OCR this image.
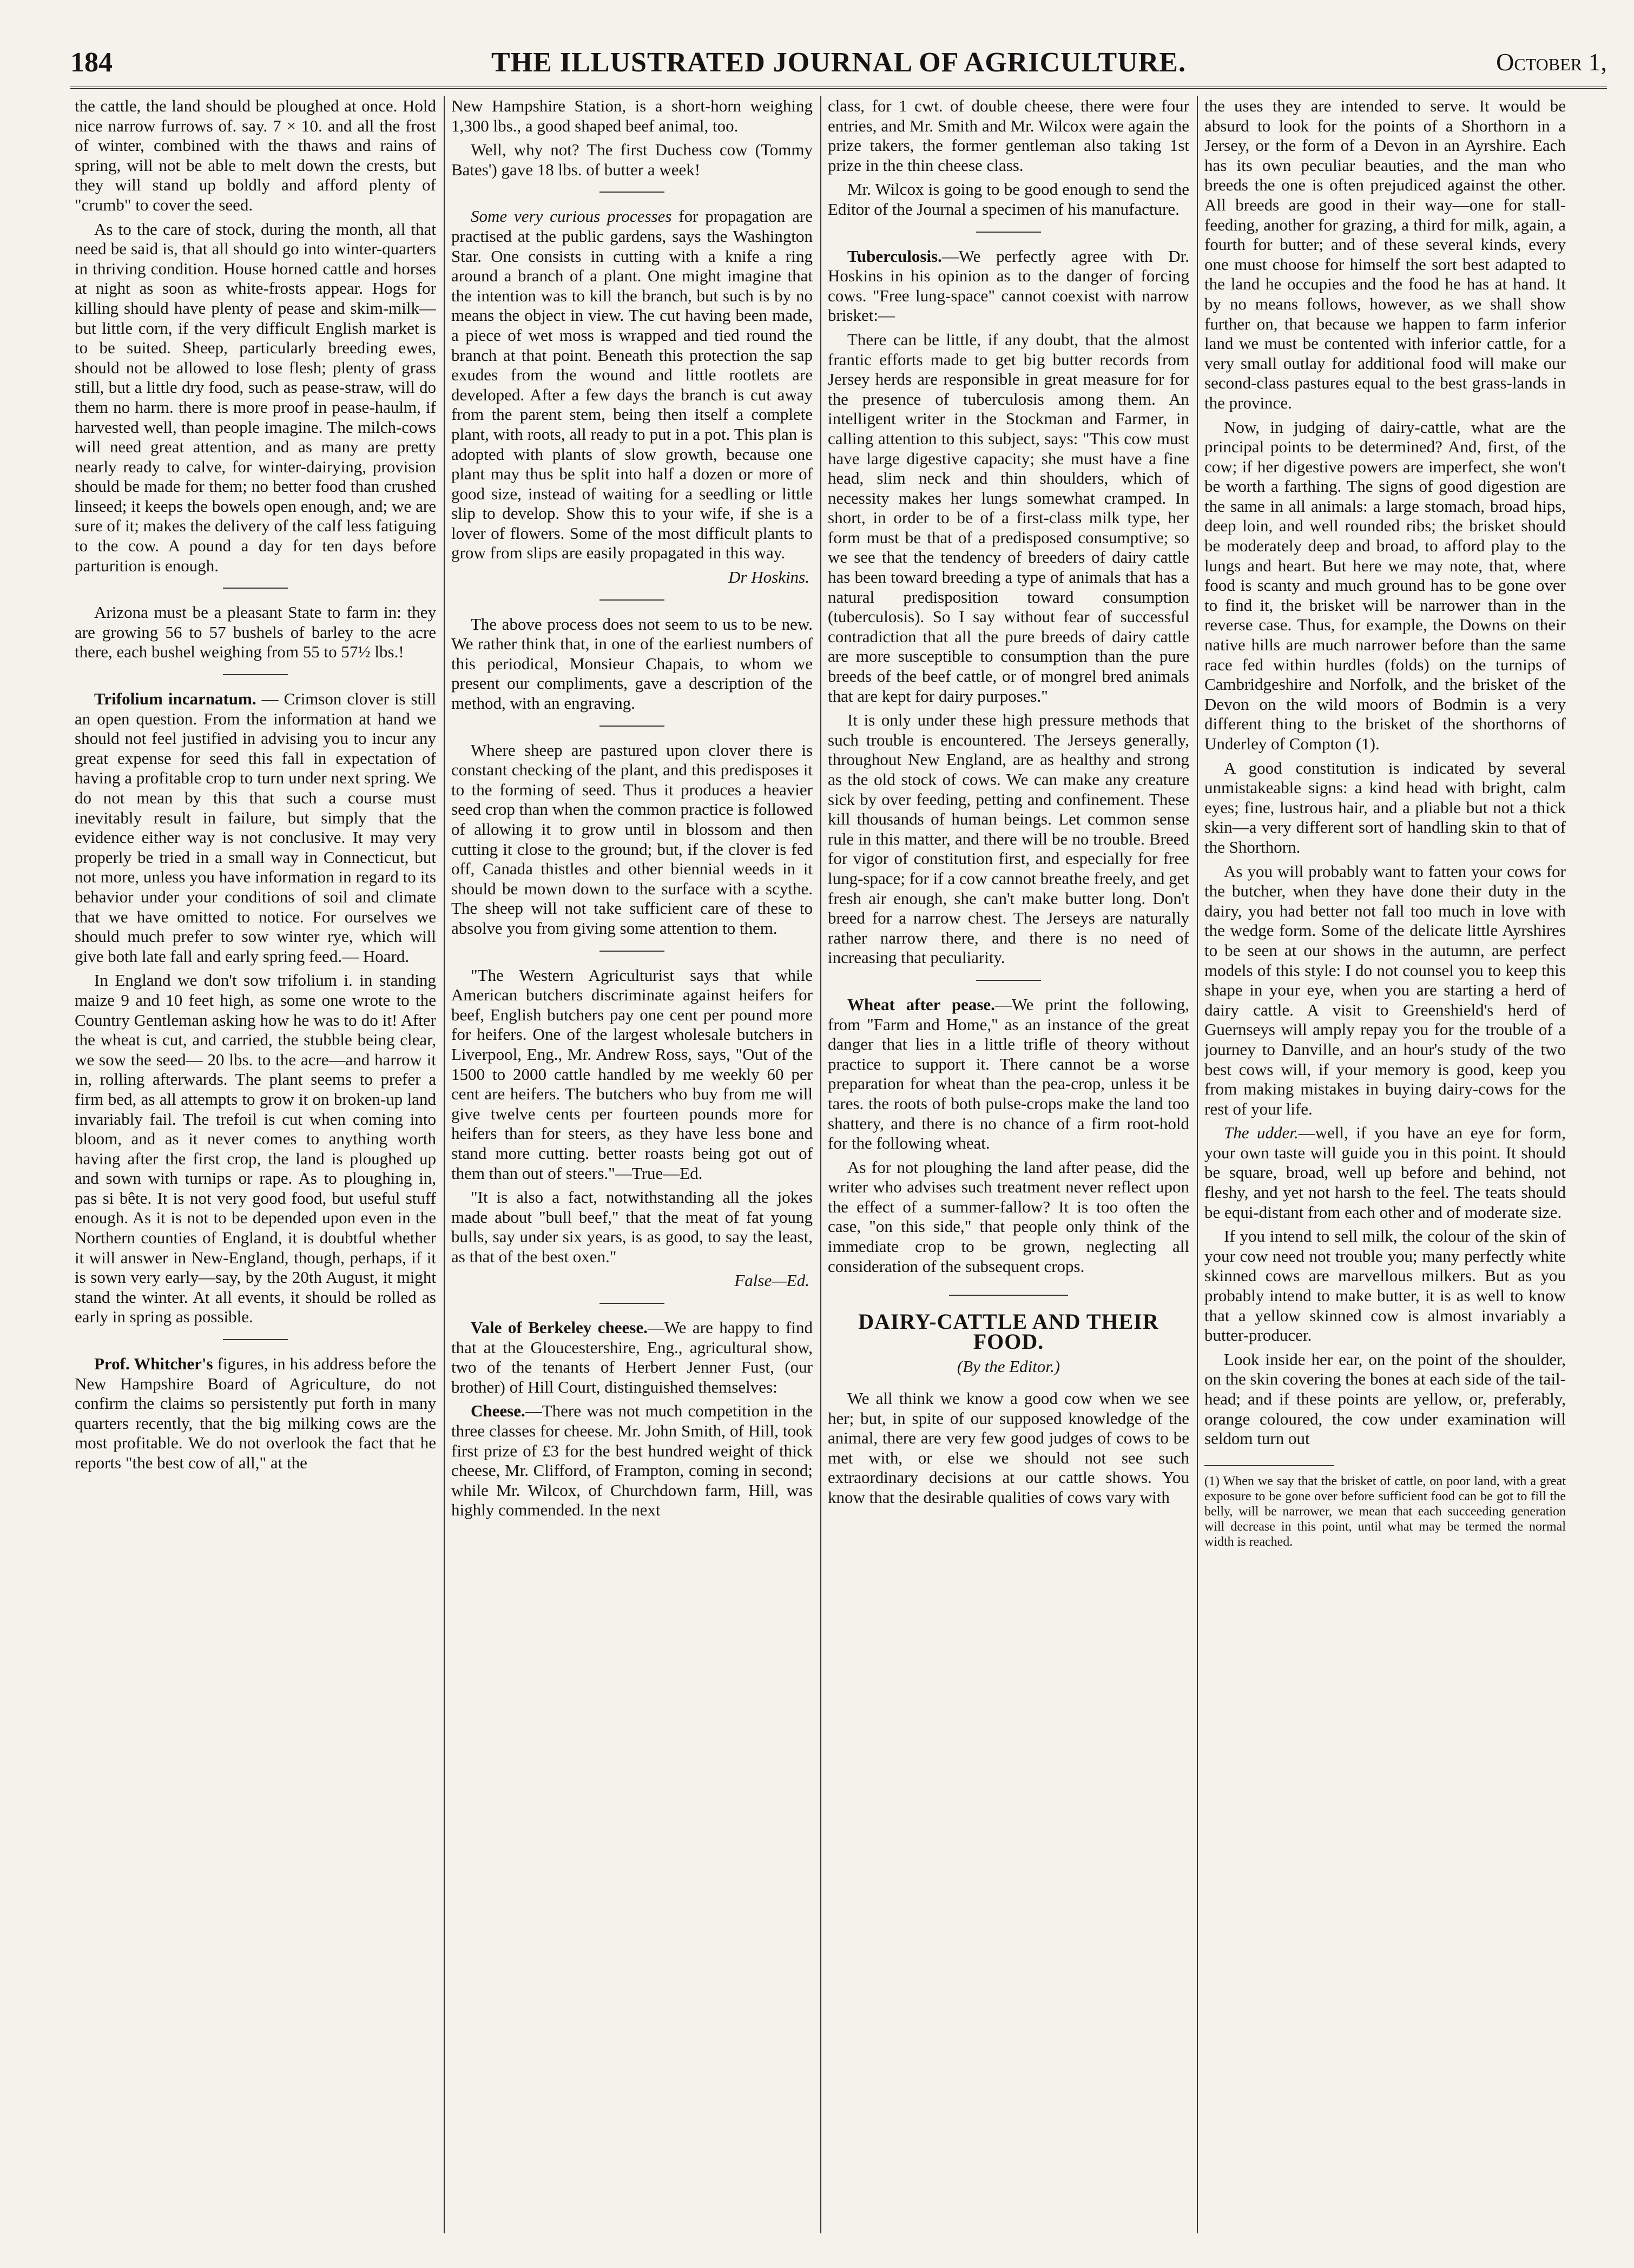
184	THE ILLUSTRATED JOURNAL OF AGRICULTURE.	October 1,

the cattle, the land should be ploughed at once. Hold nice narrow furrows of. say. 7 × 10. and all the frost of winter, combined with the thaws and rains of spring, will not be able to melt down the crests, but they will stand up boldly and afford plenty of "crumb" to cover the seed.

As to the care of stock, during the month, all that need be said is, that all should go into winter-quarters in thriving condition. House horned cattle and horses at night as soon as white-frosts appear. Hogs for killing should have plenty of pease and skim-milk—but little corn, if the very difficult English market is to be suited. Sheep, particularly breeding ewes, should not be allowed to lose flesh; plenty of grass still, but a little dry food, such as pease-straw, will do them no harm. there is more proof in pease-haulm, if harvested well, than people imagine. The milch-cows will need great attention, and as many are pretty nearly ready to calve, for winter-dairying, provision should be made for them; no better food than crushed linseed; it keeps the bowels open enough, and; we are sure of it; makes the delivery of the calf less fatiguing to the cow. A pound a day for ten days before parturition is enough.

Arizona must be a pleasant State to farm in: they are growing 56 to 57 bushels of barley to the acre there, each bushel weighing from 55 to 57½ lbs.!

Trifolium incarnatum. — Crimson clover is still an open question. From the information at hand we should not feel justified in advising you to incur any great expense for seed this fall in expectation of having a profitable crop to turn under next spring. We do not mean by this that such a course must inevitably result in failure, but simply that the evidence either way is not conclusive. It may very properly be tried in a small way in Connecticut, but not more, unless you have information in regard to its behavior under your conditions of soil and climate that we have omitted to notice. For ourselves we should much prefer to sow winter rye, which will give both late fall and early spring feed.— Hoard.

In England we don't sow trifolium i. in standing maize 9 and 10 feet high, as some one wrote to the Country Gentleman asking how he was to do it! After the wheat is cut, and carried, the stubble being clear, we sow the seed— 20 lbs. to the acre—and harrow it in, rolling afterwards. The plant seems to prefer a firm bed, as all attempts to grow it on broken-up land invariably fail. The trefoil is cut when coming into bloom, and as it never comes to anything worth having after the first crop, the land is ploughed up and sown with turnips or rape. As to ploughing in, pas si bête. It is not very good food, but useful stuff enough. As it is not to be depended upon even in the Northern counties of England, it is doubtful whether it will answer in New-England, though, perhaps, if it is sown very early—say, by the 20th August, it might stand the winter. At all events, it should be rolled as early in spring as possible.

Prof. Whitcher's figures, in his address before the New Hampshire Board of Agriculture, do not confirm the claims so persistently put forth in many quarters recently, that the big milking cows are the most profitable. We do not overlook the fact that he reports "the best cow of all," at the

New Hampshire Station, is a short-horn weighing 1,300 lbs., a good shaped beef animal, too.

Well, why not? The first Duchess cow (Tommy Bates') gave 18 lbs. of butter a week!

Some very curious processes for propagation are practised at the public gardens, says the Washington Star. One consists in cutting with a knife a ring around a branch of a plant. One might imagine that the intention was to kill the branch, but such is by no means the object in view. The cut having been made, a piece of wet moss is wrapped and tied round the branch at that point. Beneath this protection the sap exudes from the wound and little rootlets are developed. After a few days the branch is cut away from the parent stem, being then itself a complete plant, with roots, all ready to put in a pot. This plan is adopted with plants of slow growth, because one plant may thus be split into half a dozen or more of good size, instead of waiting for a seedling or little slip to develop. Show this to your wife, if she is a lover of flowers. Some of the most difficult plants to grow from slips are easily propagated in this way.

Dr Hoskins.

The above process does not seem to us to be new. We rather think that, in one of the earliest numbers of this periodical, Monsieur Chapais, to whom we present our compliments, gave a description of the method, with an engraving.

Where sheep are pastured upon clover there is constant checking of the plant, and this predisposes it to the forming of seed. Thus it produces a heavier seed crop than when the common practice is followed of allowing it to grow until in blossom and then cutting it close to the ground; but, if the clover is fed off, Canada thistles and other biennial weeds in it should be mown down to the surface with a scythe. The sheep will not take sufficient care of these to absolve you from giving some attention to them.

"The Western Agriculturist says that while American butchers discriminate against heifers for beef, English butchers pay one cent per pound more for heifers. One of the largest wholesale butchers in Liverpool, Eng., Mr. Andrew Ross, says, "Out of the 1500 to 2000 cattle handled by me weekly 60 per cent are heifers. The butchers who buy from me will give twelve cents per fourteen pounds more for heifers than for steers, as they have less bone and stand more cutting. better roasts being got out of them than out of steers."—True—Ed.

"It is also a fact, notwithstanding all the jokes made about "bull beef," that the meat of fat young bulls, say under six years, is as good, to say the least, as that of the best oxen."

False—Ed.

Vale of Berkeley cheese.—We are happy to find that at the Gloucestershire, Eng., agricultural show, two of the tenants of Herbert Jenner Fust, (our brother) of Hill Court, distinguished themselves:

Cheese.—There was not much competition in the three classes for cheese. Mr. John Smith, of Hill, took first prize of £3 for the best hundred weight of thick cheese, Mr. Clifford, of Frampton, coming in second; while Mr. Wilcox, of Churchdown farm, Hill, was highly commended. In the next

class, for 1 cwt. of double cheese, there were four entries, and Mr. Smith and Mr. Wilcox were again the prize takers, the former gentleman also taking 1st prize in the thin cheese class.

Mr. Wilcox is going to be good enough to send the Editor of the Journal a specimen of his manufacture.

Tuberculosis.—We perfectly agree with Dr. Hoskins in his opinion as to the danger of forcing cows. "Free lung-space" cannot coexist with narrow brisket:—

There can be little, if any doubt, that the almost frantic efforts made to get big butter records from Jersey herds are responsible in great measure for for the presence of tuberculosis among them. An intelligent writer in the Stockman and Farmer, in calling attention to this subject, says: "This cow must have large digestive capacity; she must have a fine head, slim neck and thin shoulders, which of necessity makes her lungs somewhat cramped. In short, in order to be of a first-class milk type, her form must be that of a predisposed consumptive; so we see that the tendency of breeders of dairy cattle has been toward breeding a type of animals that has a natural predisposition toward consumption (tuberculosis). So I say without fear of successful contradiction that all the pure breeds of dairy cattle are more susceptible to consumption than the pure breeds of the beef cattle, or of mongrel bred animals that are kept for dairy purposes."

It is only under these high pressure methods that such trouble is encountered. The Jerseys generally, throughout New England, are as healthy and strong as the old stock of cows. We can make any creature sick by over feeding, petting and confinement. These kill thousands of human beings. Let common sense rule in this matter, and there will be no trouble. Breed for vigor of constitution first, and especially for free lung-space; for if a cow cannot breathe freely, and get fresh air enough, she can't make butter long. Don't breed for a narrow chest. The Jerseys are naturally rather narrow there, and there is no need of increasing that peculiarity.

Wheat after pease.—We print the following, from "Farm and Home," as an instance of the great danger that lies in a little trifle of theory without practice to support it. There cannot be a worse preparation for wheat than the pea-crop, unless it be tares. the roots of both pulse-crops make the land too shattery, and there is no chance of a firm root-hold for the following wheat.

As for not ploughing the land after pease, did the writer who advises such treatment never reflect upon the effect of a summer-fallow? It is too often the case, "on this side," that people only think of the immediate crop to be grown, neglecting all consideration of the subsequent crops.

DAIRY-CATTLE AND THEIR FOOD.
(By the Editor.)

We all think we know a good cow when we see her; but, in spite of our supposed knowledge of the animal, there are very few good judges of cows to be met with, or else we should not see such extraordinary decisions at our cattle shows. You know that the desirable qualities of cows vary with

the uses they are intended to serve. It would be absurd to look for the points of a Shorthorn in a Jersey, or the form of a Devon in an Ayrshire. Each has its own peculiar beauties, and the man who breeds the one is often prejudiced against the other. All breeds are good in their way—one for stall-feeding, another for grazing, a third for milk, again, a fourth for butter; and of these several kinds, every one must choose for himself the sort best adapted to the land he occupies and the food he has at hand. It by no means follows, however, as we shall show further on, that because we happen to farm inferior land we must be contented with inferior cattle, for a very small outlay for additional food will make our second-class pastures equal to the best grass-lands in the province.

Now, in judging of dairy-cattle, what are the principal points to be determined? And, first, of the cow; if her digestive powers are imperfect, she won't be worth a farthing. The signs of good digestion are the same in all animals: a large stomach, broad hips, deep loin, and well rounded ribs; the brisket should be moderately deep and broad, to afford play to the lungs and heart. But here we may note, that, where food is scanty and much ground has to be gone over to find it, the brisket will be narrower than in the reverse case. Thus, for example, the Downs on their native hills are much narrower before than the same race fed within hurdles (folds) on the turnips of Cambridgeshire and Norfolk, and the brisket of the Devon on the wild moors of Bodmin is a very different thing to the brisket of the shorthorns of Underley of Compton (1).

A good constitution is indicated by several unmistakeable signs: a kind head with bright, calm eyes; fine, lustrous hair, and a pliable but not a thick skin—a very different sort of handling skin to that of the Shorthorn.

As you will probably want to fatten your cows for the butcher, when they have done their duty in the dairy, you had better not fall too much in love with the wedge form. Some of the delicate little Ayrshires to be seen at our shows in the autumn, are perfect models of this style: I do not counsel you to keep this shape in your eye, when you are starting a herd of dairy cattle. A visit to Greenshield's herd of Guernseys will amply repay you for the trouble of a journey to Danville, and an hour's study of the two best cows will, if your memory is good, keep you from making mistakes in buying dairy-cows for the rest of your life.

The udder.—well, if you have an eye for form, your own taste will guide you in this point. It should be square, broad, well up before and behind, not fleshy, and yet not harsh to the feel. The teats should be equi-distant from each other and of moderate size.

If you intend to sell milk, the colour of the skin of your cow need not trouble you; many perfectly white skinned cows are marvellous milkers. But as you probably intend to make butter, it is as well to know that a yellow skinned cow is almost invariably a butter-producer.

Look inside her ear, on the point of the shoulder, on the skin covering the bones at each side of the tail-head; and if these points are yellow, or, preferably, orange coloured, the cow under examination will seldom turn out

(1) When we say that the brisket of cattle, on poor land, with a great exposure to be gone over before sufficient food can be got to fill the belly, will be narrower, we mean that each succeeding generation will decrease in this point, until what may be termed the normal width is reached.
